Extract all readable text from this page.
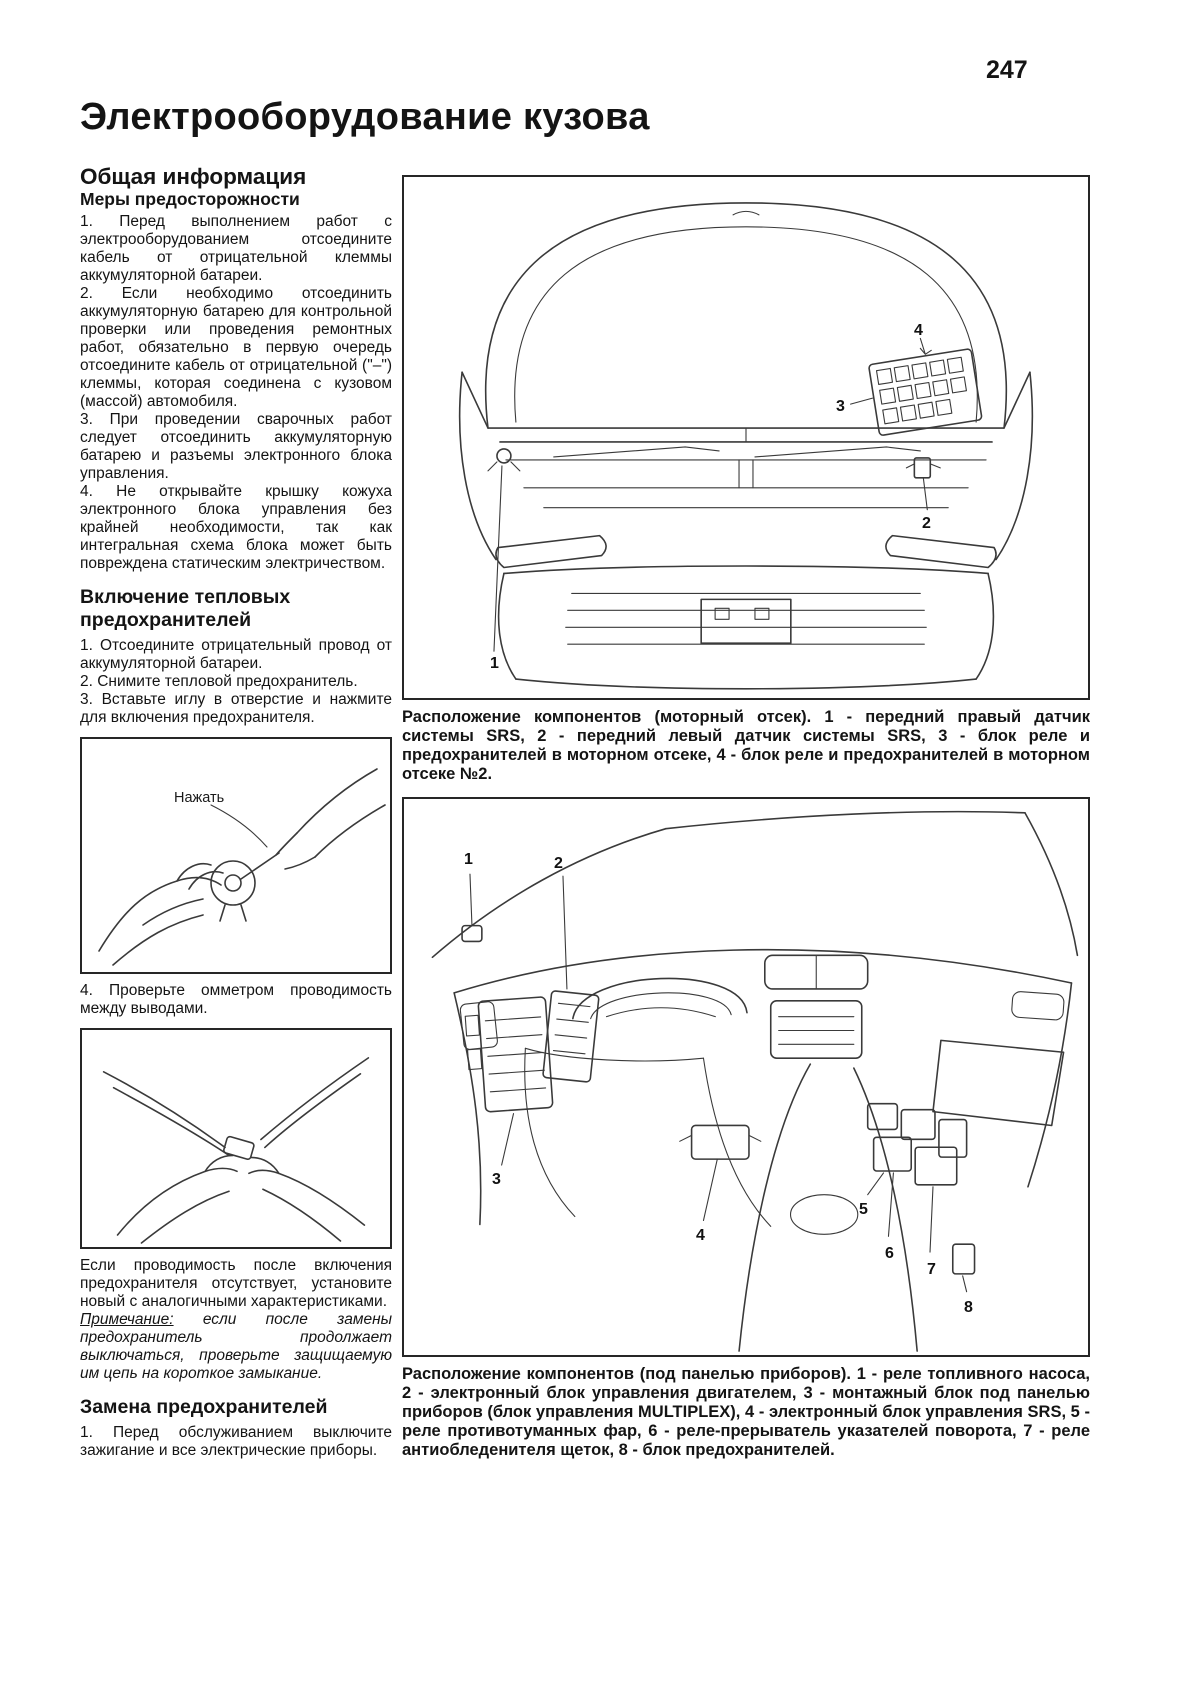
247
Электрооборудование кузова
Общая информация
Меры предосторожности

1. Перед выполнением работ с электрооборудованием отсоедините кабель от отрицательной клеммы аккумуляторной батареи.

2. Если необходимо отсоединить аккумуляторную батарею для контрольной проверки или проведения ремонтных работ, обязательно в первую очередь отсоедините кабель от отрицательной ("–") клеммы, которая соединена с кузовом (массой) автомобиля.

3. При проведении сварочных работ следует отсоединить аккумуляторную батарею и разъемы электронного блока управления.

4. Не открывайте крышку кожуха электронного блока управления без крайней необходимости, так как интегральная схема блока может быть повреждена статическим электричеством.

Включение тепловых предохранителей

1. Отсоедините отрицательный провод от аккумуляторной батареи.

2. Снимите тепловой предохранитель.

3. Вставьте иглу в отверстие и нажмите для включения предохранителя.

Нажать

4. Проверьте омметром проводимость между выводами.

Если проводимость после включения предохранителя отсутствует, установите новый с аналогичными характеристиками.

Примечание: если после замены предохранитель продолжает выключаться, проверьте защищаемую им цепь на короткое замыкание.

Замена предохранителей

1. Перед обслуживанием выключите зажигание и все электрические приборы.

1
2
3
4

Расположение компонентов (моторный отсек). 1 - передний правый датчик системы SRS, 2 - передний левый датчик системы SRS, 3 - блок реле и предохранителей в моторном отсеке, 4 - блок реле и предохранителей в моторном отсеке №2.

1	2
3
4
5
6
7
8

Расположение компонентов (под панелью приборов). 1 - реле топливного насоса, 2 - электронный блок управления двигателем, 3 - монтажный блок под панелью приборов (блок управления MULTIPLEX), 4 - электронный блок управления SRS, 5 - реле противотуманных фар, 6 - реле-прерыватель указателей поворота, 7 - реле антиобледенителя щеток, 8 - блок предохранителей.
